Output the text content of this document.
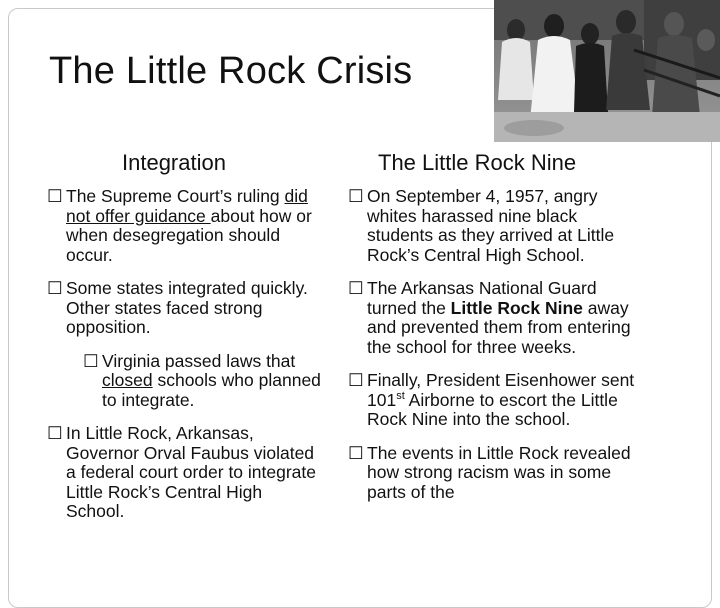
The Little Rock Crisis
Integration	The Little Rock Nine
☐ The Supreme Court’s ruling did not offer guidance about how or when desegregation should occur.
☐ Some states integrated quickly. Other states faced strong opposition.
☐ Virginia passed laws that closed schools who planned to integrate.
☐ In Little Rock, Arkansas, Governor Orval Faubus violated a federal court order to integrate Little Rock’s Central High School.
☐ On September 4, 1957, angry whites harassed nine black students as they arrived at Little Rock’s Central High School.
☐ The Arkansas National Guard turned the Little Rock Nine away and prevented them from entering the school for three weeks.
☐ Finally, President Eisenhower sent 101st Airborne to escort the Little Rock Nine into the school.
☐ The events in Little Rock revealed how strong racism was in some parts of the
